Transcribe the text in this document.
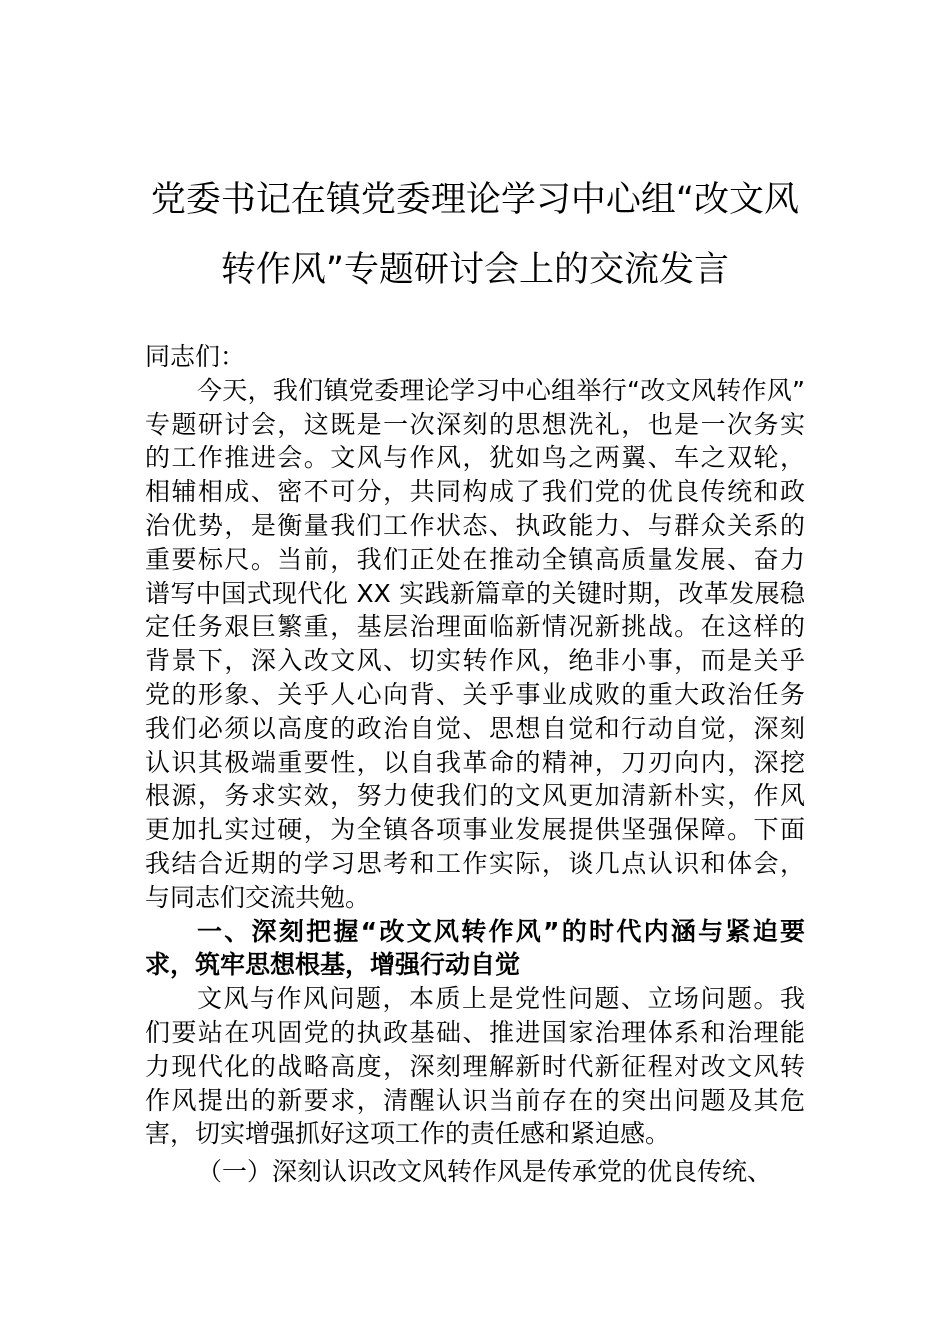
党委书记在镇党委理论学习中心组“改文风
转作风”专题研讨会上的交流发言
同志们：
今天，我们镇党委理论学习中心组举行“改文风转作风”
专题研讨会，这既是一次深刻的思想洗礼，也是一次务实
的工作推进会。文风与作风，犹如鸟之两翼、车之双轮，
相辅相成、密不可分，共同构成了我们党的优良传统和政
治优势，是衡量我们工作状态、执政能力、与群众关系的
重要标尺。当前，我们正处在推动全镇高质量发展、奋力
谱写中国式现代化 XX 实践新篇章的关键时期，改革发展稳
定任务艰巨繁重，基层治理面临新情况新挑战。在这样的
背景下，深入改文风、切实转作风，绝非小事，而是关乎
党的形象、关乎人心向背、关乎事业成败的重大政治任务
我们必须以高度的政治自觉、思想自觉和行动自觉，深刻
认识其极端重要性，以自我革命的精神，刀刃向内，深挖
根源，务求实效，努力使我们的文风更加清新朴实，作风
更加扎实过硬，为全镇各项事业发展提供坚强保障。下面
我结合近期的学习思考和工作实际，谈几点认识和体会，
与同志们交流共勉。
一、深刻把握“改文风转作风”的时代内涵与紧迫要
求，筑牢思想根基，增强行动自觉
文风与作风问题，本质上是党性问题、立场问题。我
们要站在巩固党的执政基础、推进国家治理体系和治理能
力现代化的战略高度，深刻理解新时代新征程对改文风转
作风提出的新要求，清醒认识当前存在的突出问题及其危
害，切实增强抓好这项工作的责任感和紧迫感。
（一）深刻认识改文风转作风是传承党的优良传统、
